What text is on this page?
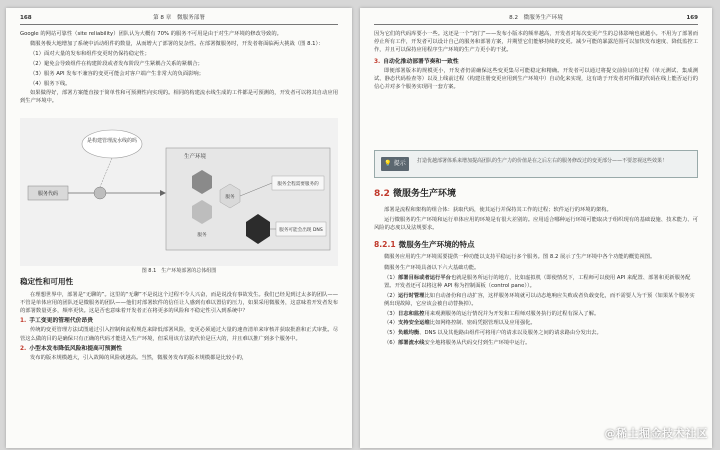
168	第 8 章　微服务部署

Google 的网站可靠性（site reliability）团队认为大概有 70% 的服务不可用是由于对生产环境的修改导致的。

微服务极大地增加了系统中活动组件的数量，从而增大了部署的复杂性。在部署微服务时，开发者将面临两大挑战（图 8.1）：

（1）面对大量的发布和组件变更时仍保持稳定性；
（2）避免会导致组件在构建阶段或者发布阶段产生紧耦合关系的紧耦合；
（3）服务 API 发布不兼容的变更可能会对客户端产生非常大的负面影响；
（4）服务下线。

如果做得好，部署方案能直接于简单性和可预测性向实现的。相同的构建流水线生成的工件都是可预测的，开发者可以将其自动应用到生产环境中。

是构建管理流水线的吗
服务代码
生产环境
服务
服务全程需要服务的
服务可能会出现 DNS
服务
图 8.1　生产环境部署的总体组图
稳定性和可用性

在理想世界中，部署是“无聊的”。这里的“无聊”不是说这个过程不令人兴奋，而是说没有事故发生。我们已经见到过太多的团队——不管是单体应用的团队还是微服务的团队——他们对部署软件的信任让人感到有难以置信的压力，如果采用微服务，这意味着开发者发布的部署数量更多，频率更快。这是否也意味着开发者正在将更多的风险和不稳定性引入到系统中？

1. 手工变更的管理代价昂贵

传统的变更管理方法试图通过引入控制和流程规范来降低部署风险，变更必须通过大量的速查清单来审核并获取批准和正式审批。尽管这么做的目的是确保只有正确的代码才能进入生产环境，但采用该方法的代价是巨大的，并且难以推广到多个服务中。

2. 小型本发布降低风险和提高可预测性

发布的版本规模越大，引入故障的风险就越高。当然，微服务发布的版本规模都是比较小的，

8.2　微服务生产环境	169

因为它们的代码库要小一些。这还是一个“窍门”——发布小版本的频率越高，开发者对每次变更产生的总体影响也就越小。不用为了部署而停止所有工作，开发者可以设计自己的服务和部署方案，并期望它们能够持续的变更。减少可能的暴露范围可以加快发布速度、降低监控工作，并且可以保持应用程序生产环境的生产力更小的干扰。

3. 自动化推动部署节奏和一致性

即便部署版本的规模更小，开发者仍需确保这些变更集尽可能稳定和精确。开发者可以通过将提交前验证的过程（单元测试、集成测试、静态代码检查等）以及上线前过程（构建注册变更应用到生产环境中）自动化来实现，这有助于开发者对所做的代码在线上能否运行的信心并对多个服务实现同一套方案。

💡 提示	打造优越部署体系来增加提高团队的生产力的价值是在之后左右的服务修改过的变更部分——不要忽视这些效果！
8.2 微服务生产环境

部署是流程和架构的组合体：获取代码，使其运行并保持其工作的过程；软件运行的环境的架构。

运行微服务的生产环境和运行单体应用的环境是有很大差别的。应用适合哪种运行环境可能取决于组织现有的基础设施、技术能力、可风险的态度以及法规要求。

8.2.1 微服务生产环境的特点

微服务应用的生产环境需要提供一种功能以支持平稳运行多个服务。图 8.2 展示了生产环境中各个功能的概览视图。

微服务生产环境具备以下六大基础功能。

（1）部署目标或者运行平台也就是服务所运行的地方，比如虚拟机（即使情况下，工程师可以使用 API 来配置、部署和更新服务配置。开发者还可以将这种 API 称为控制面板（control pane））。
（2）运行时管理比如自动备份和自动扩容，这样服务环境就可以动态地响应失败或者负载变化，而不需要人为干预（如果某个服务实例出现故障，它应该会被自动替换掉）。
（3）日志和监控用来观测服务的运行情况并为开发和工程师对服务执行的过程有深入了解。
（4）支持安全运维比如网络控制、密码凭据管理以及应用强化。
（5）负载均衡、DNS 以及其他路由组件可将用户的请求以及服务之间的请求路由分发出去。
（6）部署流水线安全地将服务从代码交付到生产环境中运行。
@稀土掘金技术社区
